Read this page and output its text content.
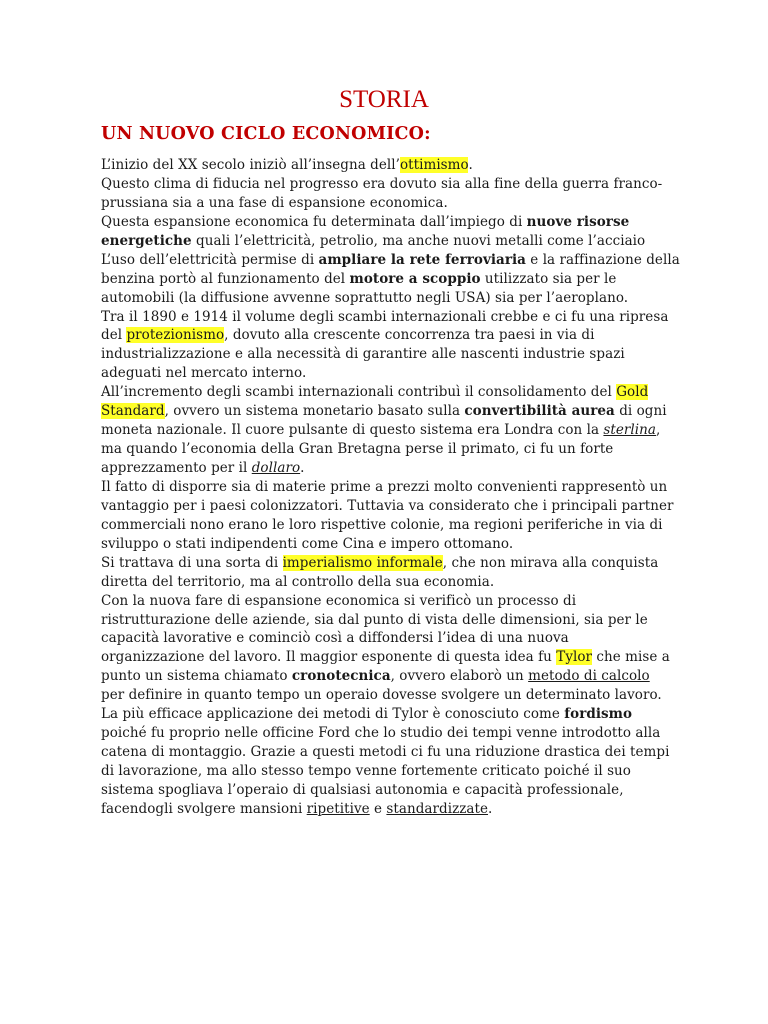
STORIA
UN NUOVO CICLO ECONOMICO:
L’inizio del XX secolo iniziò all’insegna dell’ottimismo.
Questo clima di fiducia nel progresso era dovuto sia alla fine della guerra franco-
prussiana sia a una fase di espansione economica.
Questa espansione economica fu determinata dall’impiego di nuove risorse
energetiche quali l’elettricità, petrolio, ma anche nuovi metalli come l’acciaio
L’uso dell’elettricità permise di ampliare la rete ferroviaria e la raffinazione della
benzina portò al funzionamento del motore a scoppio utilizzato sia per le
automobili (la diffusione avvenne soprattutto negli USA) sia per l’aeroplano.
Tra il 1890 e 1914 il volume degli scambi internazionali crebbe e ci fu una ripresa
del protezionismo, dovuto alla crescente concorrenza tra paesi in via di
industrializzazione e alla necessità di garantire alle nascenti industrie spazi
adeguati nel mercato interno.
All’incremento degli scambi internazionali contribuì il consolidamento del Gold
Standard, ovvero un sistema monetario basato sulla convertibilità aurea di ogni
moneta nazionale. Il cuore pulsante di questo sistema era Londra con la sterlina,
ma quando l’economia della Gran Bretagna perse il primato, ci fu un forte
apprezzamento per il dollaro.
Il fatto di disporre sia di materie prime a prezzi molto convenienti rappresentò un
vantaggio per i paesi colonizzatori. Tuttavia va considerato che i principali partner
commerciali nono erano le loro rispettive colonie, ma regioni periferiche in via di
sviluppo o stati indipendenti come Cina e impero ottomano.
Si trattava di una sorta di imperialismo informale, che non mirava alla conquista
diretta del territorio, ma al controllo della sua economia.
Con la nuova fare di espansione economica si verificò un processo di
ristrutturazione delle aziende, sia dal punto di vista delle dimensioni, sia per le
capacità lavorative e cominciò così a diffondersi l’idea di una nuova
organizzazione del lavoro. Il maggior esponente di questa idea fu Tylor che mise a
punto un sistema chiamato cronotecnica, ovvero elaborò un metodo di calcolo
per definire in quanto tempo un operaio dovesse svolgere un determinato lavoro.
La più efficace applicazione dei metodi di Tylor è conosciuto come fordismo
poiché fu proprio nelle officine Ford che lo studio dei tempi venne introdotto alla
catena di montaggio. Grazie a questi metodi ci fu una riduzione drastica dei tempi
di lavorazione, ma allo stesso tempo venne fortemente criticato poiché il suo
sistema spogliava l’operaio di qualsiasi autonomia e capacità professionale,
facendogli svolgere mansioni ripetitive e standardizzate.
